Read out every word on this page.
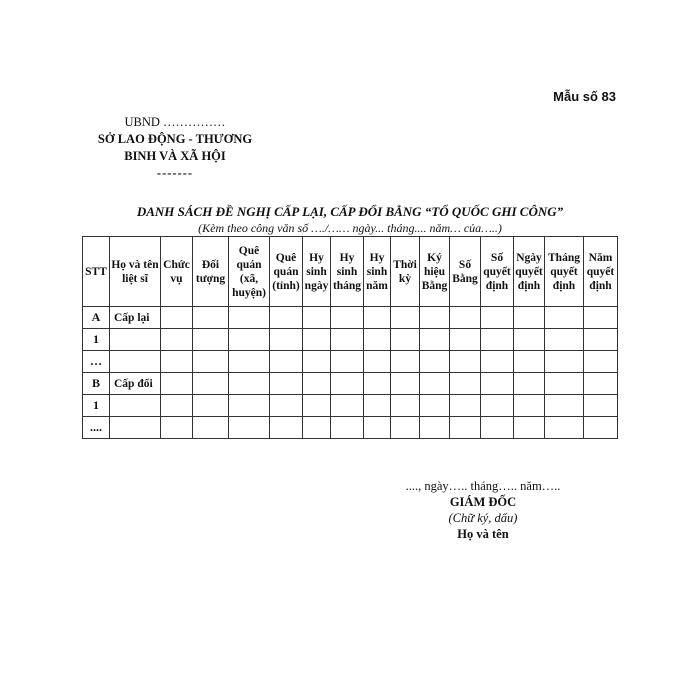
Mẫu số 83
UBND ……………
SỞ LAO ĐỘNG - THƯƠNG
BINH VÀ XÃ HỘI
-------
DANH SÁCH ĐỀ NGHỊ CẤP LẠI, CẤP ĐỔI BẰNG “TỔ QUỐC GHI CÔNG”
(Kèm theo công văn số …./…… ngày... tháng.... năm… của…..)
STT	Họ và tên liệt sĩ	Chức vụ	Đối tượng	Quê quán (xã, huyện)	Quê quán (tỉnh)	Hy sinh ngày	Hy sinh tháng	Hy sinh năm	Thời kỳ	Ký hiệu Bằng	Số Bằng	Số quyết định	Ngày quyết định	Tháng quyết định	Năm quyết định
A	Cấp lại														
1															
…															
B	Cấp đổi														
1															
....															
...., ngày….. tháng….. năm…..
GIÁM ĐỐC
(Chữ ký, dấu)
Họ và tên
